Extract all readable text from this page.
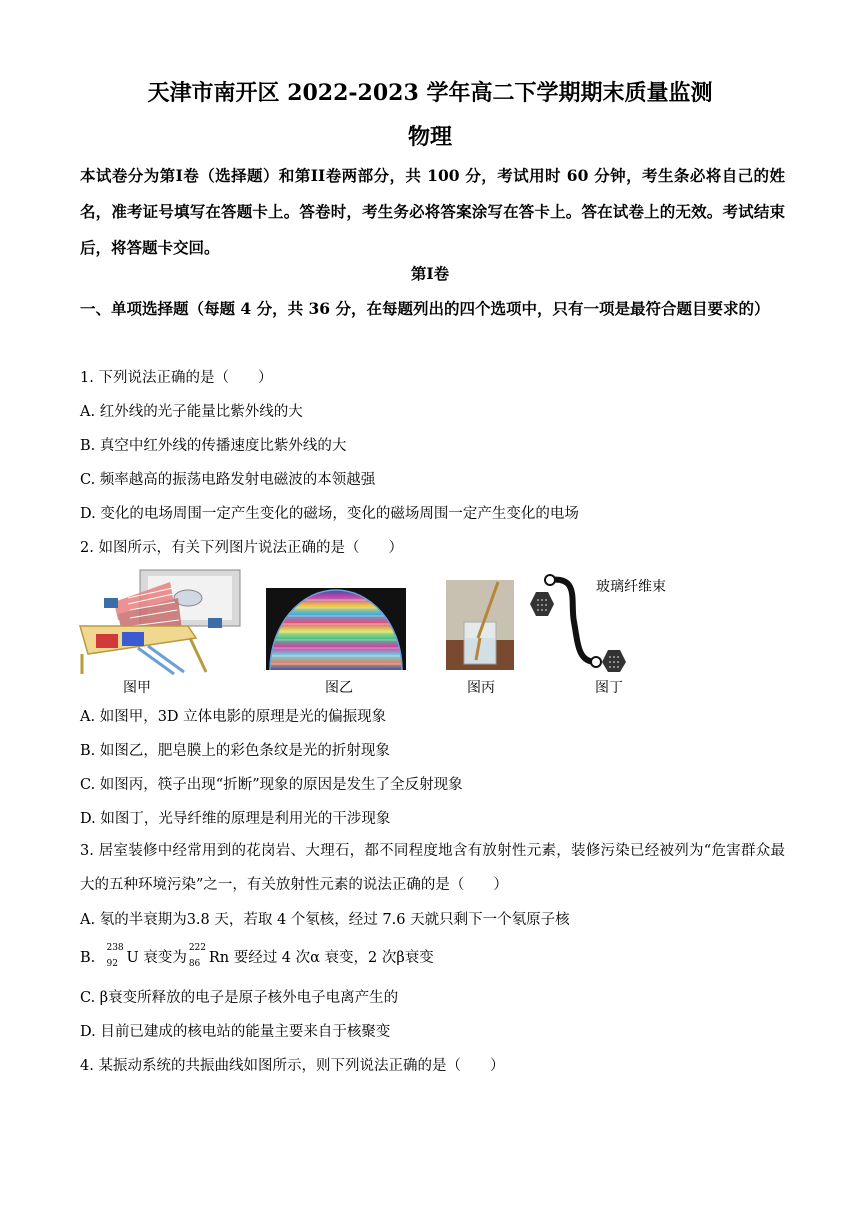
天津市南开区 2022-2023 学年高二下学期期末质量监测
物理
本试卷分为第I卷（选择题）和第II卷两部分，共 100 分，考试用时 60 分钟，考生条必将自己的姓名，准考证号填写在答题卡上。答卷时，考生务必将答案涂写在答卡上。答在试卷上的无效。考试结束后，将答题卡交回。
第I卷
一、单项选择题（每题 4 分，共 36 分，在每题列出的四个选项中，只有一项是最符合题目要求的）
1. 下列说法正确的是（　　）
A. 红外线的光子能量比紫外线的大
B. 真空中红外线的传播速度比紫外线的大
C. 频率越高的振荡电路发射电磁波的本领越强
D. 变化的电场周围一定产生变化的磁场，变化的磁场周围一定产生变化的电场
2. 如图所示，有关下列图片说法正确的是（　　）
玻璃纤维束
图甲	图乙	图丙	图丁
A. 如图甲，3D 立体电影的原理是光的偏振现象
B. 如图乙，肥皂膜上的彩色条纹是光的折射现象
C. 如图丙，筷子出现“折断”现象的原因是发生了全反射现象
D. 如图丁，光导纤维的原理是利用光的干涉现象
3. 居室装修中经常用到的花岗岩、大理石，都不同程度地含有放射性元素，装修污染已经被列为“危害群众最大的五种环境污染”之一，有关放射性元素的说法正确的是（　　）
A. 氡的半衰期为3.8 天，若取 4 个氡核，经过 7.6 天就只剩下一个氡原子核
B.
238
92 U 衰变为
222
86 Rn 要经过 4 次α 衰变，2 次β衰变
C. β衰变所释放的电子是原子核外电子电离产生的
D. 目前已建成的核电站的能量主要来自于核聚变
4. 某振动系统的共振曲线如图所示，则下列说法正确的是（　　）
